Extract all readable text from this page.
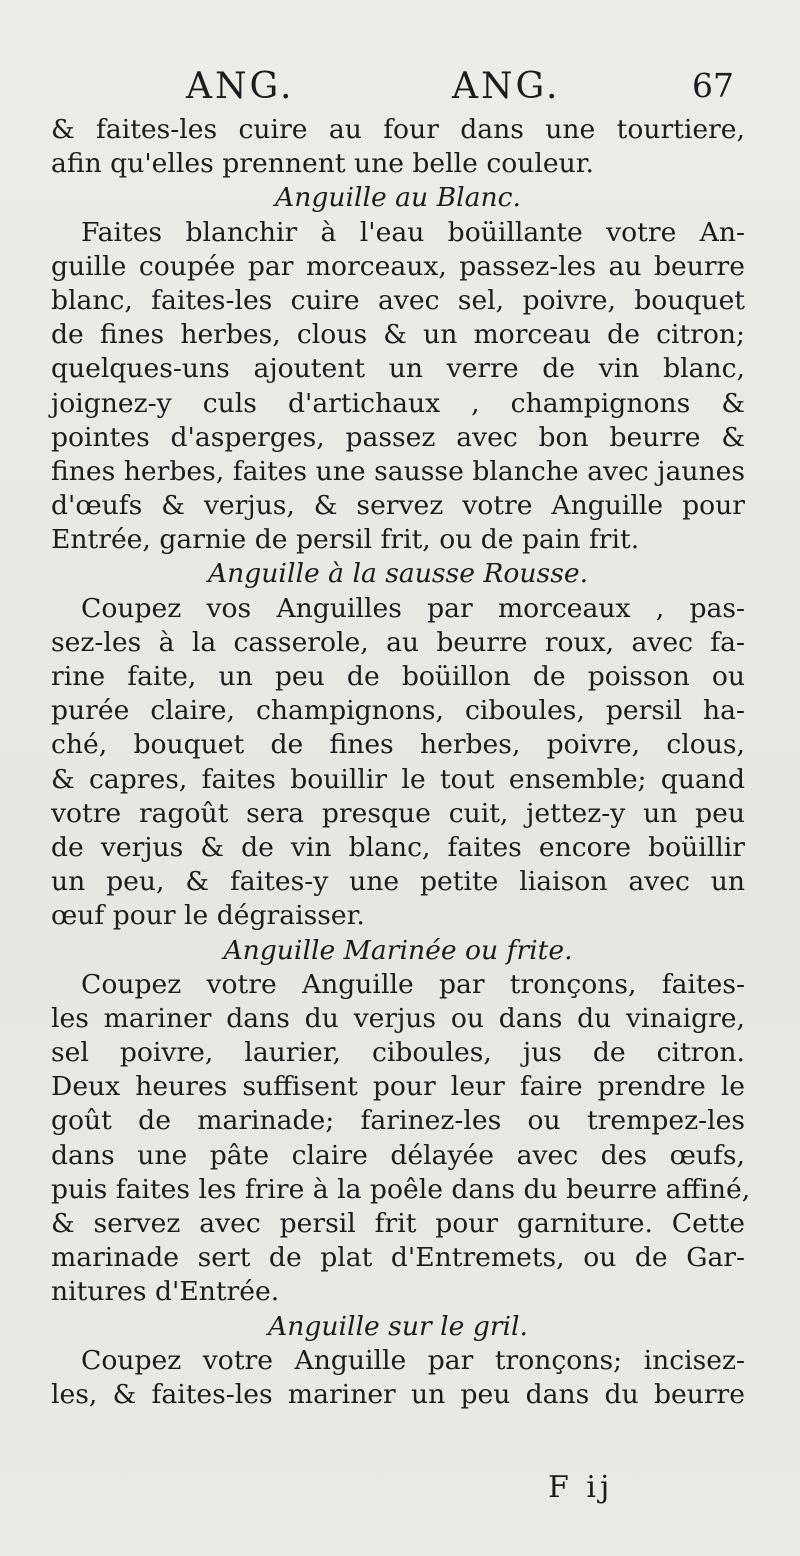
ANG.	ANG.	67
& faites-les cuire au four dans une tourtiere,
afin qu'elles prennent une belle couleur.
Anguille au Blanc.
Faites blanchir à l'eau boüillante votre An-
guille coupée par morceaux, passez-les au beurre
blanc, faites-les cuire avec sel, poivre, bouquet
de fines herbes, clous & un morceau de citron;
quelques-uns ajoutent un verre de vin blanc,
joignez-y culs d'artichaux , champignons &
pointes d'asperges, passez avec bon beurre &
fines herbes, faites une sausse blanche avec jaunes
d'œufs & verjus, & servez votre Anguille pour
Entrée, garnie de persil frit, ou de pain frit.
Anguille à la sausse Rousse.
Coupez vos Anguilles par morceaux , pas-
sez-les à la casserole, au beurre roux, avec fa-
rine faite, un peu de boüillon de poisson ou
purée claire, champignons, ciboules, persil ha-
ché, bouquet de fines herbes, poivre, clous,
& capres, faites bouillir le tout ensemble; quand
votre ragoût sera presque cuit, jettez-y un peu
de verjus & de vin blanc, faites encore boüillir
un peu, & faites-y une petite liaison avec un
œuf pour le dégraisser.
Anguille Marinée ou frite.
Coupez votre Anguille par tronçons, faites-
les mariner dans du verjus ou dans du vinaigre,
sel poivre, laurier, ciboules, jus de citron.
Deux heures suffisent pour leur faire prendre le
goût de marinade; farinez-les ou trempez-les
dans une pâte claire délayée avec des œufs,
puis faites les frire à la poêle dans du beurre affiné,
& servez avec persil frit pour garniture. Cette
marinade sert de plat d'Entremets, ou de Gar-
nitures d'Entrée.
Anguille sur le gril.
Coupez votre Anguille par tronçons; incisez-
les, & faites-les mariner un peu dans du beurre
F ij
